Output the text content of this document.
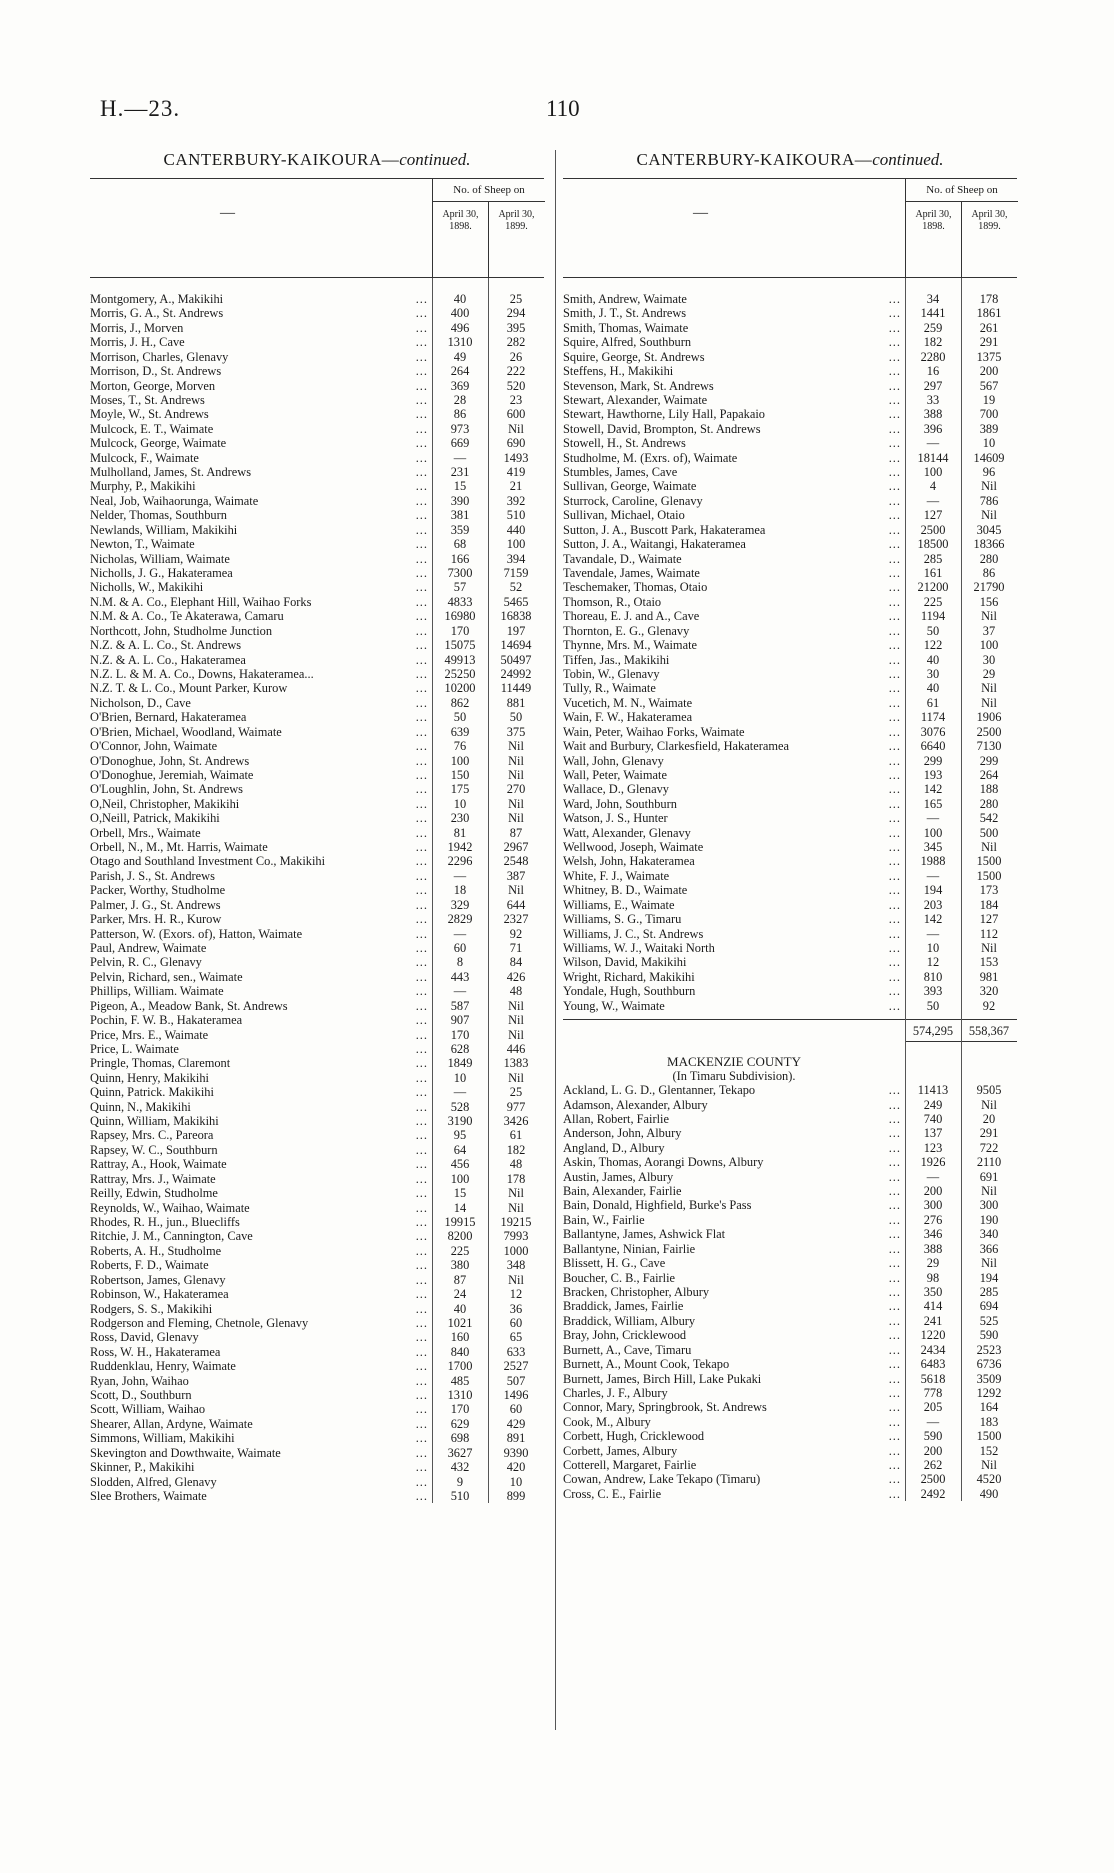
H.—23.	110
CANTERBURY-KAIKOURA—continued.
—
No. of Sheep on
April 30, 1898.
April 30, 1899.
Montgomery, A., Makikihi	...	40	25
Morris, G. A., St. Andrews	...	400	294
Morris, J., Morven	...	496	395
Morris, J. H., Cave	...	1310	282
Morrison, Charles, Glenavy	...	49	26
Morrison, D., St. Andrews	...	264	222
Morton, George, Morven	...	369	520
Moses, T., St. Andrews	...	28	23
Moyle, W., St. Andrews	...	86	600
Mulcock, E. T., Waimate	...	973	Nil
Mulcock, George, Waimate	...	669	690
Mulcock, F., Waimate	...	—	1493
Mulholland, James, St. Andrews	...	231	419
Murphy, P., Makikihi	...	15	21
Neal, Job, Waihaorunga, Waimate	...	390	392
Nelder, Thomas, Southburn	...	381	510
Newlands, William, Makikihi	...	359	440
Newton, T., Waimate	...	68	100
Nicholas, William, Waimate	...	166	394
Nicholls, J. G., Hakateramea	...	7300	7159
Nicholls, W., Makikihi	...	57	52
N.M. & A. Co., Elephant Hill, Waihao Forks	...	4833	5465
N.M. & A. Co., Te Akaterawa, Camaru	...	16980	16838
Northcott, John, Studholme Junction	...	170	197
N.Z. & A. L. Co., St. Andrews	...	15075	14694
N.Z. & A. L. Co., Hakateramea	...	49913	50497
N.Z. L. & M. A. Co., Downs, Hakateramea...	...	25250	24992
N.Z. T. & L. Co., Mount Parker, Kurow	...	10200	11449
Nicholson, D., Cave	...	862	881
O'Brien, Bernard, Hakateramea	...	50	50
O'Brien, Michael, Woodland, Waimate	...	639	375
O'Connor, John, Waimate	...	76	Nil
O'Donoghue, John, St. Andrews	...	100	Nil
O'Donoghue, Jeremiah, Waimate	...	150	Nil
O'Loughlin, John, St. Andrews	...	175	270
O,Neil, Christopher, Makikihi	...	10	Nil
O,Neill, Patrick, Makikihi	...	230	Nil
Orbell, Mrs., Waimate	...	81	87
Orbell, N., M., Mt. Harris, Waimate	...	1942	2967
Otago and Southland Investment Co., Makikihi	...	2296	2548
Parish, J. S., St. Andrews	...	—	387
Packer, Worthy, Studholme	...	18	Nil
Palmer, J. G., St. Andrews	...	329	644
Parker, Mrs. H. R., Kurow	...	2829	2327
Patterson, W. (Exors. of), Hatton, Waimate	...	—	92
Paul, Andrew, Waimate	...	60	71
Pelvin, R. C., Glenavy	...	8	84
Pelvin, Richard, sen., Waimate	...	443	426
Phillips, William. Waimate	...	—	48
Pigeon, A., Meadow Bank, St. Andrews	...	587	Nil
Pochin, F. W. B., Hakateramea	...	907	Nil
Price, Mrs. E., Waimate	...	170	Nil
Price, L. Waimate	...	628	446
Pringle, Thomas, Claremont	...	1849	1383
Quinn, Henry, Makikihi	...	10	Nil
Quinn, Patrick. Makikihi	...	—	25
Quinn, N., Makikihi	...	528	977
Quinn, William, Makikihi	...	3190	3426
Rapsey, Mrs. C., Pareora	...	95	61
Rapsey, W. C., Southburn	...	64	182
Rattray, A., Hook, Waimate	...	456	48
Rattray, Mrs. J., Waimate	...	100	178
Reilly, Edwin, Studholme	...	15	Nil
Reynolds, W., Waihao, Waimate	...	14	Nil
Rhodes, R. H., jun., Bluecliffs	...	19915	19215
Ritchie, J. M., Cannington, Cave	...	8200	7993
Roberts, A. H., Studholme	...	225	1000
Roberts, F. D., Waimate	...	380	348
Robertson, James, Glenavy	...	87	Nil
Robinson, W., Hakateramea	...	24	12
Rodgers, S. S., Makikihi	...	40	36
Rodgerson and Fleming, Chetnole, Glenavy	...	1021	60
Ross, David, Glenavy	...	160	65
Ross, W. H., Hakateramea	...	840	633
Ruddenklau, Henry, Waimate	...	1700	2527
Ryan, John, Waihao	...	485	507
Scott, D., Southburn	...	1310	1496
Scott, William, Waihao	...	170	60
Shearer, Allan, Ardyne, Waimate	...	629	429
Simmons, William, Makikihi	...	698	891
Skevington and Dowthwaite, Waimate	...	3627	9390
Skinner, P., Makikihi	...	432	420
Slodden, Alfred, Glenavy	...	9	10
Slee Brothers, Waimate	...	510	899
CANTERBURY-KAIKOURA—continued.
—
No. of Sheep on
April 30, 1898.
April 30, 1899.
Smith, Andrew, Waimate	...	34	178
Smith, J. T., St. Andrews	...	1441	1861
Smith, Thomas, Waimate	...	259	261
Squire, Alfred, Southburn	...	182	291
Squire, George, St. Andrews	...	2280	1375
Steffens, H., Makikihi	...	16	200
Stevenson, Mark, St. Andrews	...	297	567
Stewart, Alexander, Waimate	...	33	19
Stewart, Hawthorne, Lily Hall, Papakaio	...	388	700
Stowell, David, Brompton, St. Andrews	...	396	389
Stowell, H., St. Andrews	...	—	10
Studholme, M. (Exrs. of), Waimate	...	18144	14609
Stumbles, James, Cave	...	100	96
Sullivan, George, Waimate	...	4	Nil
Sturrock, Caroline, Glenavy	...	—	786
Sullivan, Michael, Otaio	...	127	Nil
Sutton, J. A., Buscott Park, Hakateramea	...	2500	3045
Sutton, J. A., Waitangi, Hakateramea	...	18500	18366
Tavandale, D., Waimate	...	285	280
Tavendale, James, Waimate	...	161	86
Teschemaker, Thomas, Otaio	...	21200	21790
Thomson, R., Otaio	...	225	156
Thoreau, E. J. and A., Cave	...	1194	Nil
Thornton, E. G., Glenavy	...	50	37
Thynne, Mrs. M., Waimate	...	122	100
Tiffen, Jas., Makikihi	...	40	30
Tobin, W., Glenavy	...	30	29
Tully, R., Waimate	...	40	Nil
Vucetich, M. N., Waimate	...	61	Nil
Wain, F. W., Hakateramea	...	1174	1906
Wain, Peter, Waihao Forks, Waimate	...	3076	2500
Wait and Burbury, Clarkesfield, Hakateramea	...	6640	7130
Wall, John, Glenavy	...	299	299
Wall, Peter, Waimate	...	193	264
Wallace, D., Glenavy	...	142	188
Ward, John, Southburn	...	165	280
Watson, J. S., Hunter	...	—	542
Watt, Alexander, Glenavy	...	100	500
Wellwood, Joseph, Waimate	...	345	Nil
Welsh, John, Hakateramea	...	1988	1500
White, F. J., Waimate	...	—	1500
Whitney, B. D., Waimate	...	194	173
Williams, E., Waimate	...	203	184
Williams, S. G., Timaru	...	142	127
Williams, J. C., St. Andrews	...	—	112
Williams, W. J., Waitaki North	...	10	Nil
Wilson, David, Makikihi	...	12	153
Wright, Richard, Makikihi	...	810	981
Yondale, Hugh, Southburn	...	393	320
Young, W., Waimate	...	50	92
574,295	558,367
MACKENZIE COUNTY
(In Timaru Subdivision).
Ackland, L. G. D., Glentanner, Tekapo	...	11413	9505
Adamson, Alexander, Albury	...	249	Nil
Allan, Robert, Fairlie	...	740	20
Anderson, John, Albury	...	137	291
Angland, D., Albury	...	123	722
Askin, Thomas, Aorangi Downs, Albury	...	1926	2110
Austin, James, Albury	...	—	691
Bain, Alexander, Fairlie	...	200	Nil
Bain, Donald, Highfield, Burke's Pass	...	300	300
Bain, W., Fairlie	...	276	190
Ballantyne, James, Ashwick Flat	...	346	340
Ballantyne, Ninian, Fairlie	...	388	366
Blissett, H. G., Cave	...	29	Nil
Boucher, C. B., Fairlie	...	98	194
Bracken, Christopher, Albury	...	350	285
Braddick, James, Fairlie	...	414	694
Braddick, William, Albury	...	241	525
Bray, John, Cricklewood	...	1220	590
Burnett, A., Cave, Timaru	...	2434	2523
Burnett, A., Mount Cook, Tekapo	...	6483	6736
Burnett, James, Birch Hill, Lake Pukaki	...	5618	3509
Charles, J. F., Albury	...	778	1292
Connor, Mary, Springbrook, St. Andrews	...	205	164
Cook, M., Albury	...	—	183
Corbett, Hugh, Cricklewood	...	590	1500
Corbett, James, Albury	...	200	152
Cotterell, Margaret, Fairlie	...	262	Nil
Cowan, Andrew, Lake Tekapo (Timaru)	...	2500	4520
Cross, C. E., Fairlie	...	2492	490
